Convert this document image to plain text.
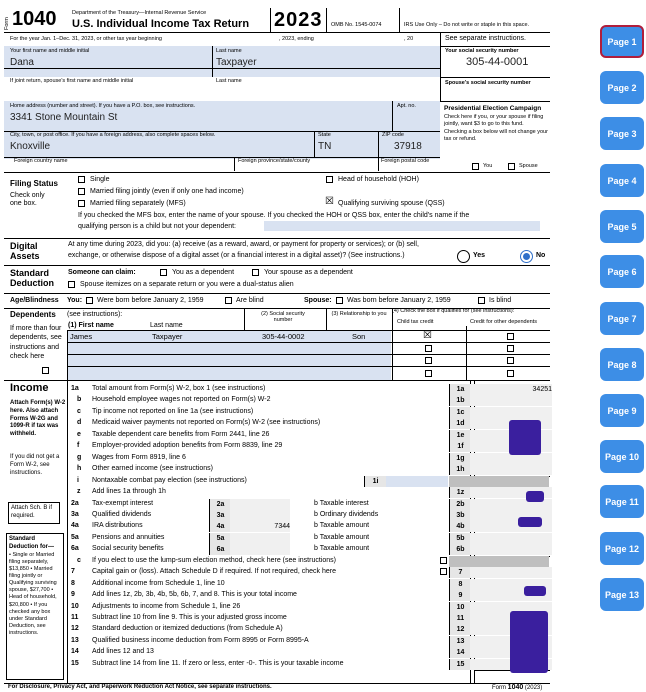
Form 1040	Department of the Treasury—Internal Revenue Service
U.S. Individual Income Tax Return 2023 OMB No. 1545-0074	IRS Use Only – Do not write or staple in this space.
For the year Jan. 1–Dec. 31, 2023, or other tax year beginning	, 2023, ending	, 20	See separate instructions.
Your first name and middle initial
Dana
Last name
Taxpayer
Your social security number
305-44-0001
If joint return, spouse's first name and middle initial	Last name	Spouse's social security number
Home address (number and street). If you have a P.O. box, see instructions.
3341 Stone Mountain St
Apt. no.
City, town, or post office. If you have a foreign address, also complete spaces below.
Knoxville
State
TN
ZIP code
37918
Foreign country name	Foreign province/state/county	Foreign postal code
Presidential Election Campaign
Check here if you, or your spouse if filing jointly, want $3 to go to this fund. Checking a box below will not change your tax or refund.
You	Spouse
Filing Status
Check only one box.
Single
Married filing jointly (even if only one had income)
Married filing separately (MFS)
Head of household (HOH)
☒ Qualifying surviving spouse (QSS)
If you checked the MFS box, enter the name of your spouse. If you checked the HOH or QSS box, enter the child's name if the
qualifying person is a child but not your dependent:
Digital
Assets
At any time during 2023, did you: (a) receive (as a reward, award, or payment for property or services); or (b) sell,
exchange, or otherwise dispose of a digital asset (or a financial interest in a digital asset)? (See instructions.)	Yes	No
Standard
Deduction
Someone can claim:	You as a dependent	Your spouse as a dependent
Spouse itemizes on a separate return or you were a dual-status alien
Age/Blindness You: Were born before January 2, 1959	Are blind	Spouse: Was born before January 2, 1959	Is blind
Dependents (see instructions):
If more than four dependents, see instructions and check here
(1) First name	Last name
(2) Social security number
(3) Relationship to you (4) Check the box if qualifies for (see instructions):
Child tax credit	Credit for other dependents
James	Taxpayer	305-44-0002	Son	☒
Income
Attach Form(s) W-2 here. Also attach Forms W-2G and 1099-R if tax was withheld.
If you did not get a Form W-2, see instructions.
Attach Sch. B if required.
Standard Deduction for—
• Single or Married filing separately, $13,850 • Married filing jointly or Qualifying surviving spouse, $27,700 • Head of household, $20,800 • If you checked any box under Standard Deduction, see instructions.
1a Total amount from Form(s) W-2, box 1 (see instructions)	1a	34251
b Household employee wages not reported on Form(s) W-2	1b
c Tip income not reported on line 1a (see instructions)	1c
d Medicaid waiver payments not reported on Form(s) W-2 (see instructions)	1d
e Taxable dependent care benefits from Form 2441, line 26	1e
f Employer-provided adoption benefits from Form 8839, line 29	1f
g Wages from Form 8919, line 6	1g
h Other earned income (see instructions)	1h
i Nontaxable combat pay election (see instructions)	1i
z Add lines 1a through 1h	1z
2a Tax-exempt interest	2a	b Taxable interest	2b
3a Qualified dividends	3a	b Ordinary dividends	3b
4a IRA distributions	4a	7344	b Taxable amount	4b
5a Pensions and annuities	5a	b Taxable amount	5b
6a Social security benefits	6a	b Taxable amount	6b
c If you elect to use the lump-sum election method, check here (see instructions)
7 Capital gain or (loss). Attach Schedule D if required. If not required, check here	7
8 Additional income from Schedule 1, line 10	8
9 Add lines 1z, 2b, 3b, 4b, 5b, 6b, 7, and 8. This is your total income	9
10 Adjustments to income from Schedule 1, line 26	10
11 Subtract line 10 from line 9. This is your adjusted gross income	11
12 Standard deduction or itemized deductions (from Schedule A)	12
13 Qualified business income deduction from Form 8995 or Form 8995-A	13
14 Add lines 12 and 13	14
15 Subtract line 14 from line 11. If zero or less, enter -0-. This is your taxable income	15
For Disclosure, Privacy Act, and Paperwork Reduction Act Notice, see separate instructions.	Form 1040 (2023)
Page 1
Page 2
Page 3
Page 4
Page 5
Page 6
Page 7
Page 8
Page 9
Page 10
Page 11
Page 12
Page 13
